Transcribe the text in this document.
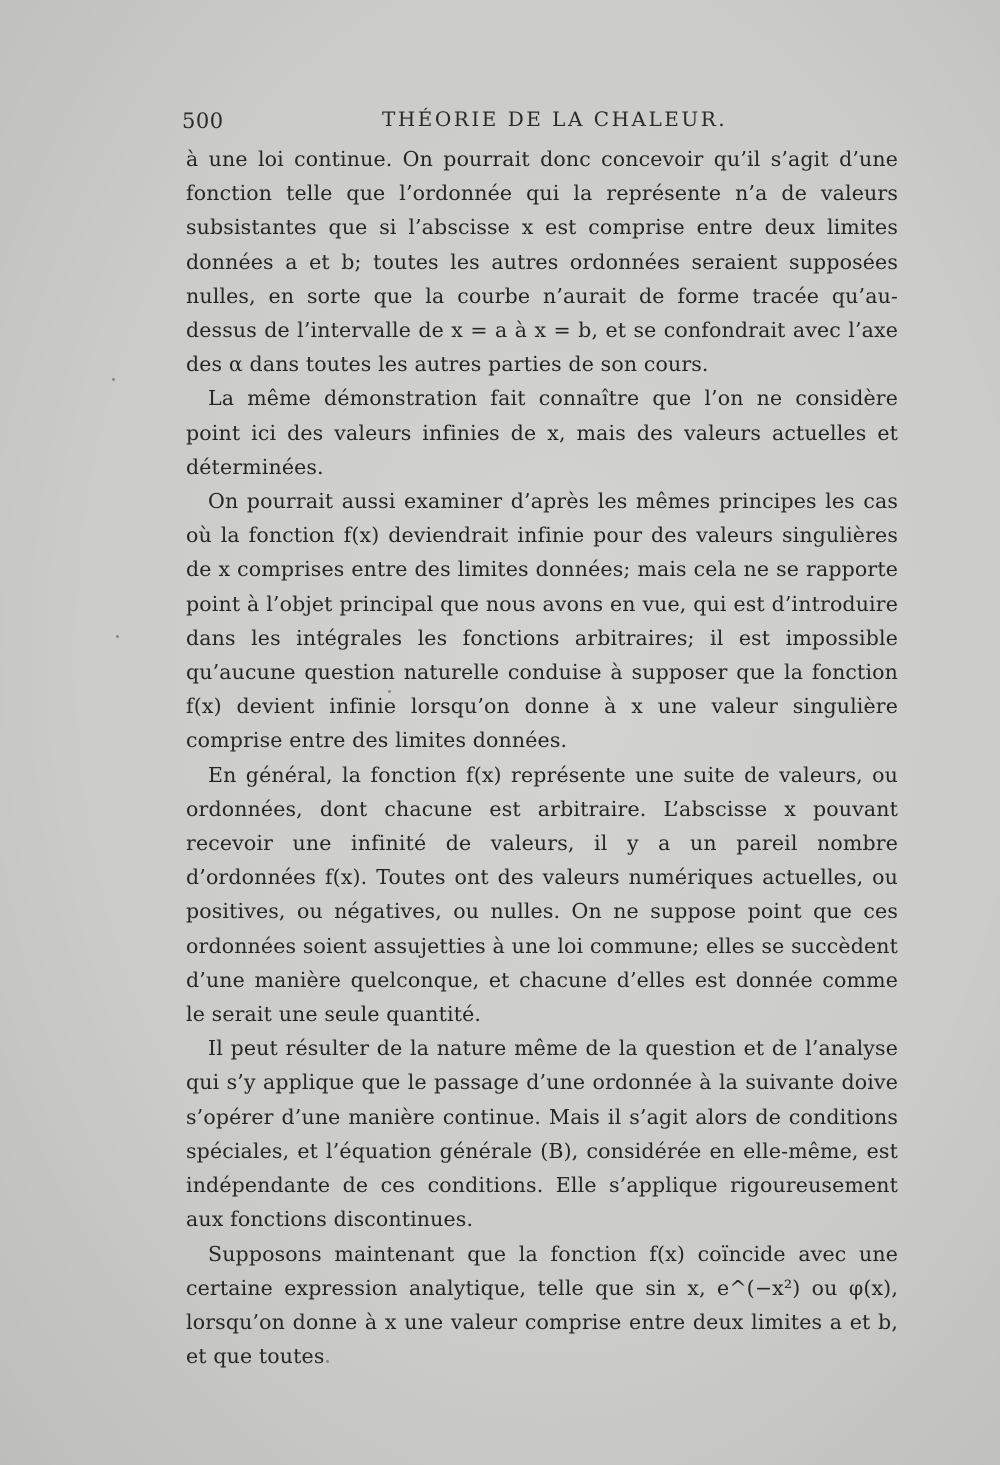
500	THÉORIE DE LA CHALEUR.

à une loi continue. On pourrait donc concevoir qu’il s’agit d’une fonction telle que l’ordonnée qui la représente n’a de valeurs subsistantes que si l’abscisse x est comprise entre deux limites données a et b; toutes les autres ordonnées seraient supposées nulles, en sorte que la courbe n’aurait de forme tracée qu’au-dessus de l’intervalle de x = a à x = b, et se confondrait avec l’axe des α dans toutes les autres parties de son cours.

La même démonstration fait connaître que l’on ne considère point ici des valeurs infinies de x, mais des valeurs actuelles et déterminées.

On pourrait aussi examiner d’après les mêmes principes les cas où la fonction f(x) deviendrait infinie pour des valeurs singulières de x comprises entre des limites données; mais cela ne se rapporte point à l’objet principal que nous avons en vue, qui est d’introduire dans les intégrales les fonctions arbitraires; il est impossible qu’aucune question naturelle conduise à supposer que la fonction f(x) devient infinie lorsqu’on donne à x une valeur singulière comprise entre des limites données.

En général, la fonction f(x) représente une suite de valeurs, ou ordonnées, dont chacune est arbitraire. L’abscisse x pouvant recevoir une infinité de valeurs, il y a un pareil nombre d’ordonnées f(x). Toutes ont des valeurs numériques actuelles, ou positives, ou négatives, ou nulles. On ne suppose point que ces ordonnées soient assujetties à une loi commune; elles se succèdent d’une manière quelconque, et chacune d’elles est donnée comme le serait une seule quantité.

Il peut résulter de la nature même de la question et de l’analyse qui s’y applique que le passage d’une ordonnée à la suivante doive s’opérer d’une manière continue. Mais il s’agit alors de conditions spéciales, et l’équation générale (B), considérée en elle-même, est indépendante de ces conditions. Elle s’applique rigoureusement aux fonctions discontinues.

Supposons maintenant que la fonction f(x) coïncide avec une certaine expression analytique, telle que sin x, e^(−x²) ou φ(x), lorsqu’on donne à x une valeur comprise entre deux limites a et b, et que toutes
